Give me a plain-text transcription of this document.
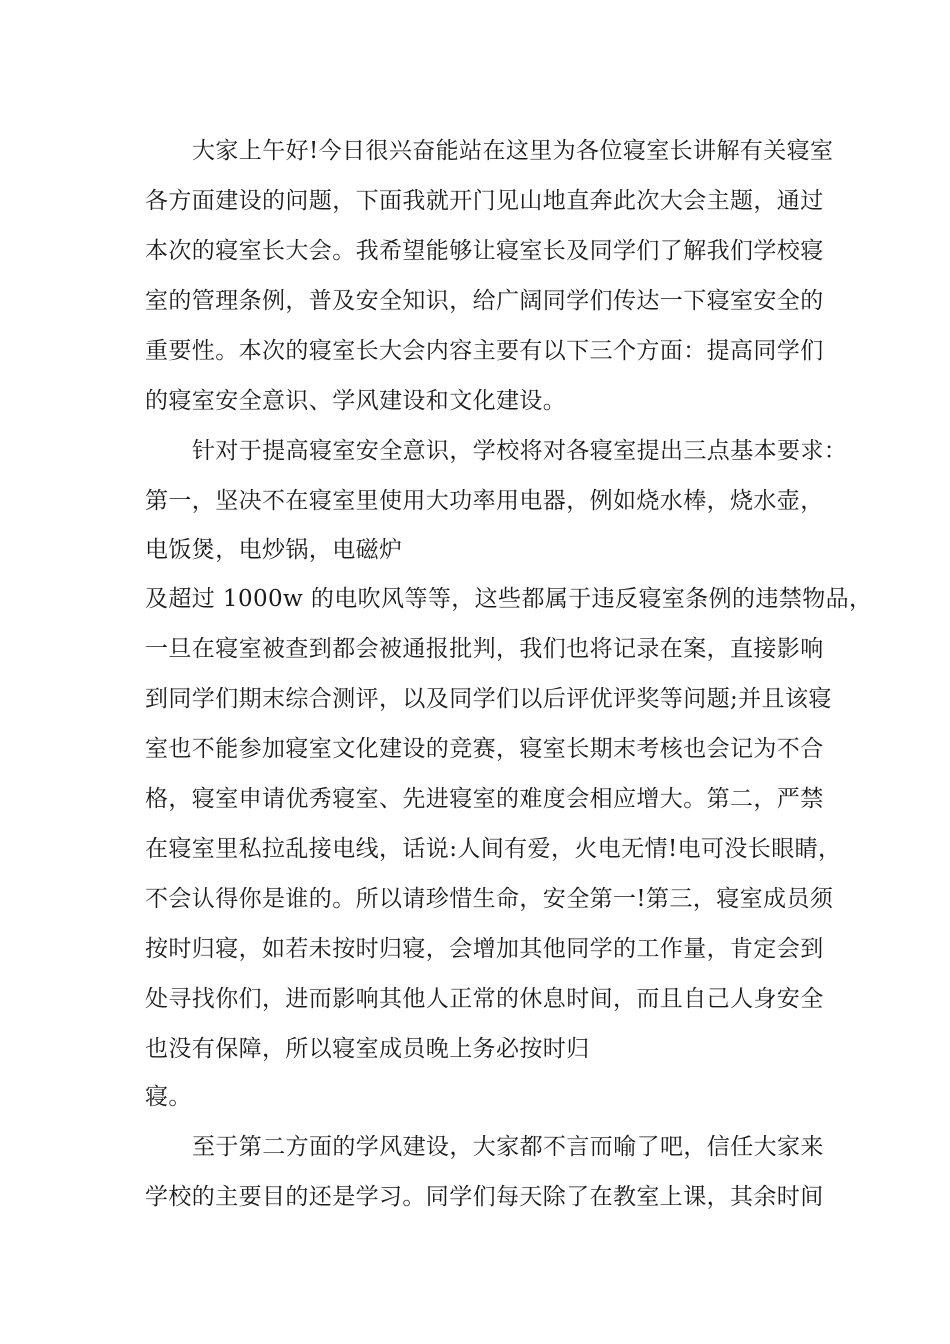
大家上午好!今日很兴奋能站在这里为各位寝室长讲解有关寝室
各方面建设的问题，下面我就开门见山地直奔此次大会主题，通过
本次的寝室长大会。我希望能够让寝室长及同学们了解我们学校寝
室的管理条例，普及安全知识，给广阔同学们传达一下寝室安全的
重要性。本次的寝室长大会内容主要有以下三个方面：提高同学们
的寝室安全意识、学风建设和文化建设。
针对于提高寝室安全意识，学校将对各寝室提出三点基本要求：
第一，坚决不在寝室里使用大功率用电器，例如烧水棒，烧水壶，
电饭煲，电炒锅，电磁炉
及超过 1000w 的电吹风等等，这些都属于违反寝室条例的违禁物品，
一旦在寝室被查到都会被通报批判，我们也将记录在案，直接影响
到同学们期末综合测评，以及同学们以后评优评奖等问题;并且该寝
室也不能参加寝室文化建设的竞赛，寝室长期末考核也会记为不合
格，寝室申请优秀寝室、先进寝室的难度会相应增大。第二，严禁
在寝室里私拉乱接电线，话说:人间有爱，火电无情!电可没长眼睛，
不会认得你是谁的。所以请珍惜生命，安全第一!第三，寝室成员须
按时归寝，如若未按时归寝，会增加其他同学的工作量，肯定会到
处寻找你们，进而影响其他人正常的休息时间，而且自己人身安全
也没有保障，所以寝室成员晚上务必按时归
寝。
至于第二方面的学风建设，大家都不言而喻了吧，信任大家来
学校的主要目的还是学习。同学们每天除了在教室上课，其余时间
